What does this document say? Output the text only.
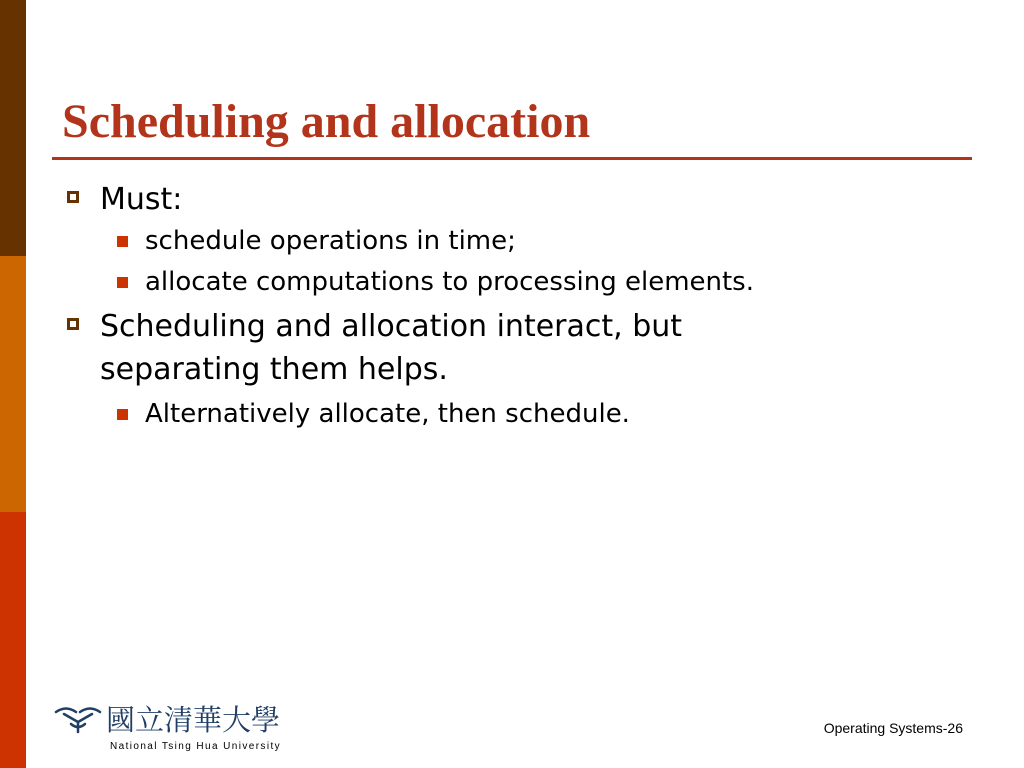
Scheduling and allocation
Must:
schedule operations in time;
allocate computations to processing elements.
Scheduling and allocation interact, but
separating them helps.
Alternatively allocate, then schedule.
國立清華大學
National Tsing Hua University
Operating Systems-26
